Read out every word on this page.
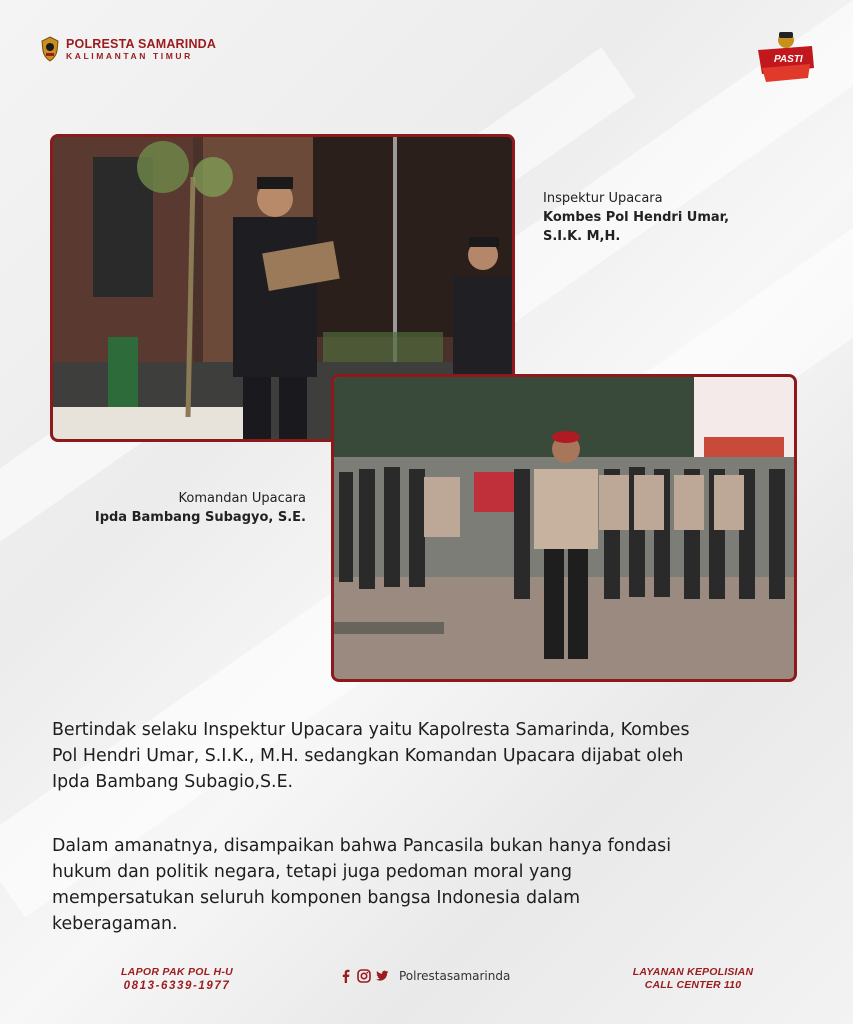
POLRESTA SAMARINDA
KALIMANTAN TIMUR	PASTI
Inspektur Upacara
Kombes Pol Hendri Umar,
S.I.K. M,H.
Komandan Upacara
Ipda Bambang Subagyo, S.E.
Bertindak selaku Inspektur Upacara yaitu Kapolresta Samarinda, Kombes
Pol Hendri Umar, S.I.K., M.H. sedangkan Komandan Upacara dijabat oleh
Ipda Bambang Subagio,S.E.
Dalam amanatnya, disampaikan bahwa Pancasila bukan hanya fondasi
hukum dan politik negara, tetapi juga pedoman moral yang
mempersatukan seluruh komponen bangsa Indonesia dalam
keberagaman.
LAPOR PAK POL H-U
0813-6339-1977
Polrestasamarinda	LAYANAN KEPOLISIAN
CALL CENTER 110
